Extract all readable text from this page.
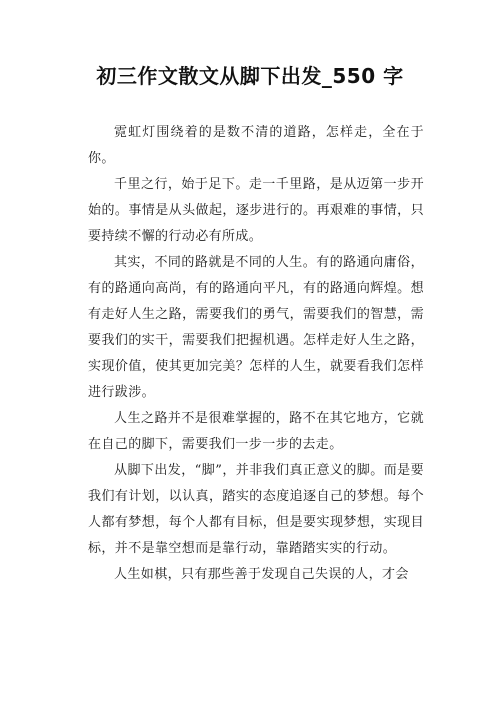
初三作文散文从脚下出发_550 字

霓虹灯围绕着的是数不清的道路，怎样走，全在于你。

千里之行，始于足下。走一千里路，是从迈第一步开始的。事情是从头做起，逐步进行的。再艰难的事情，只要持续不懈的行动必有所成。

其实，不同的路就是不同的人生。有的路通向庸俗，有的路通向高尚，有的路通向平凡，有的路通向辉煌。想有走好人生之路，需要我们的勇气，需要我们的智慧，需要我们的实干，需要我们把握机遇。怎样走好人生之路，实现价值，使其更加完美？怎样的人生，就要看我们怎样进行跋涉。

人生之路并不是很难掌握的，路不在其它地方，它就在自己的脚下，需要我们一步一步的去走。

从脚下出发，“脚”，并非我们真正意义的脚。而是要我们有计划，以认真，踏实的态度追逐自己的梦想。每个人都有梦想，每个人都有目标，但是要实现梦想，实现目标，并不是靠空想而是靠行动，靠踏踏实实的行动。

人生如棋，只有那些善于发现自己失误的人，才会
